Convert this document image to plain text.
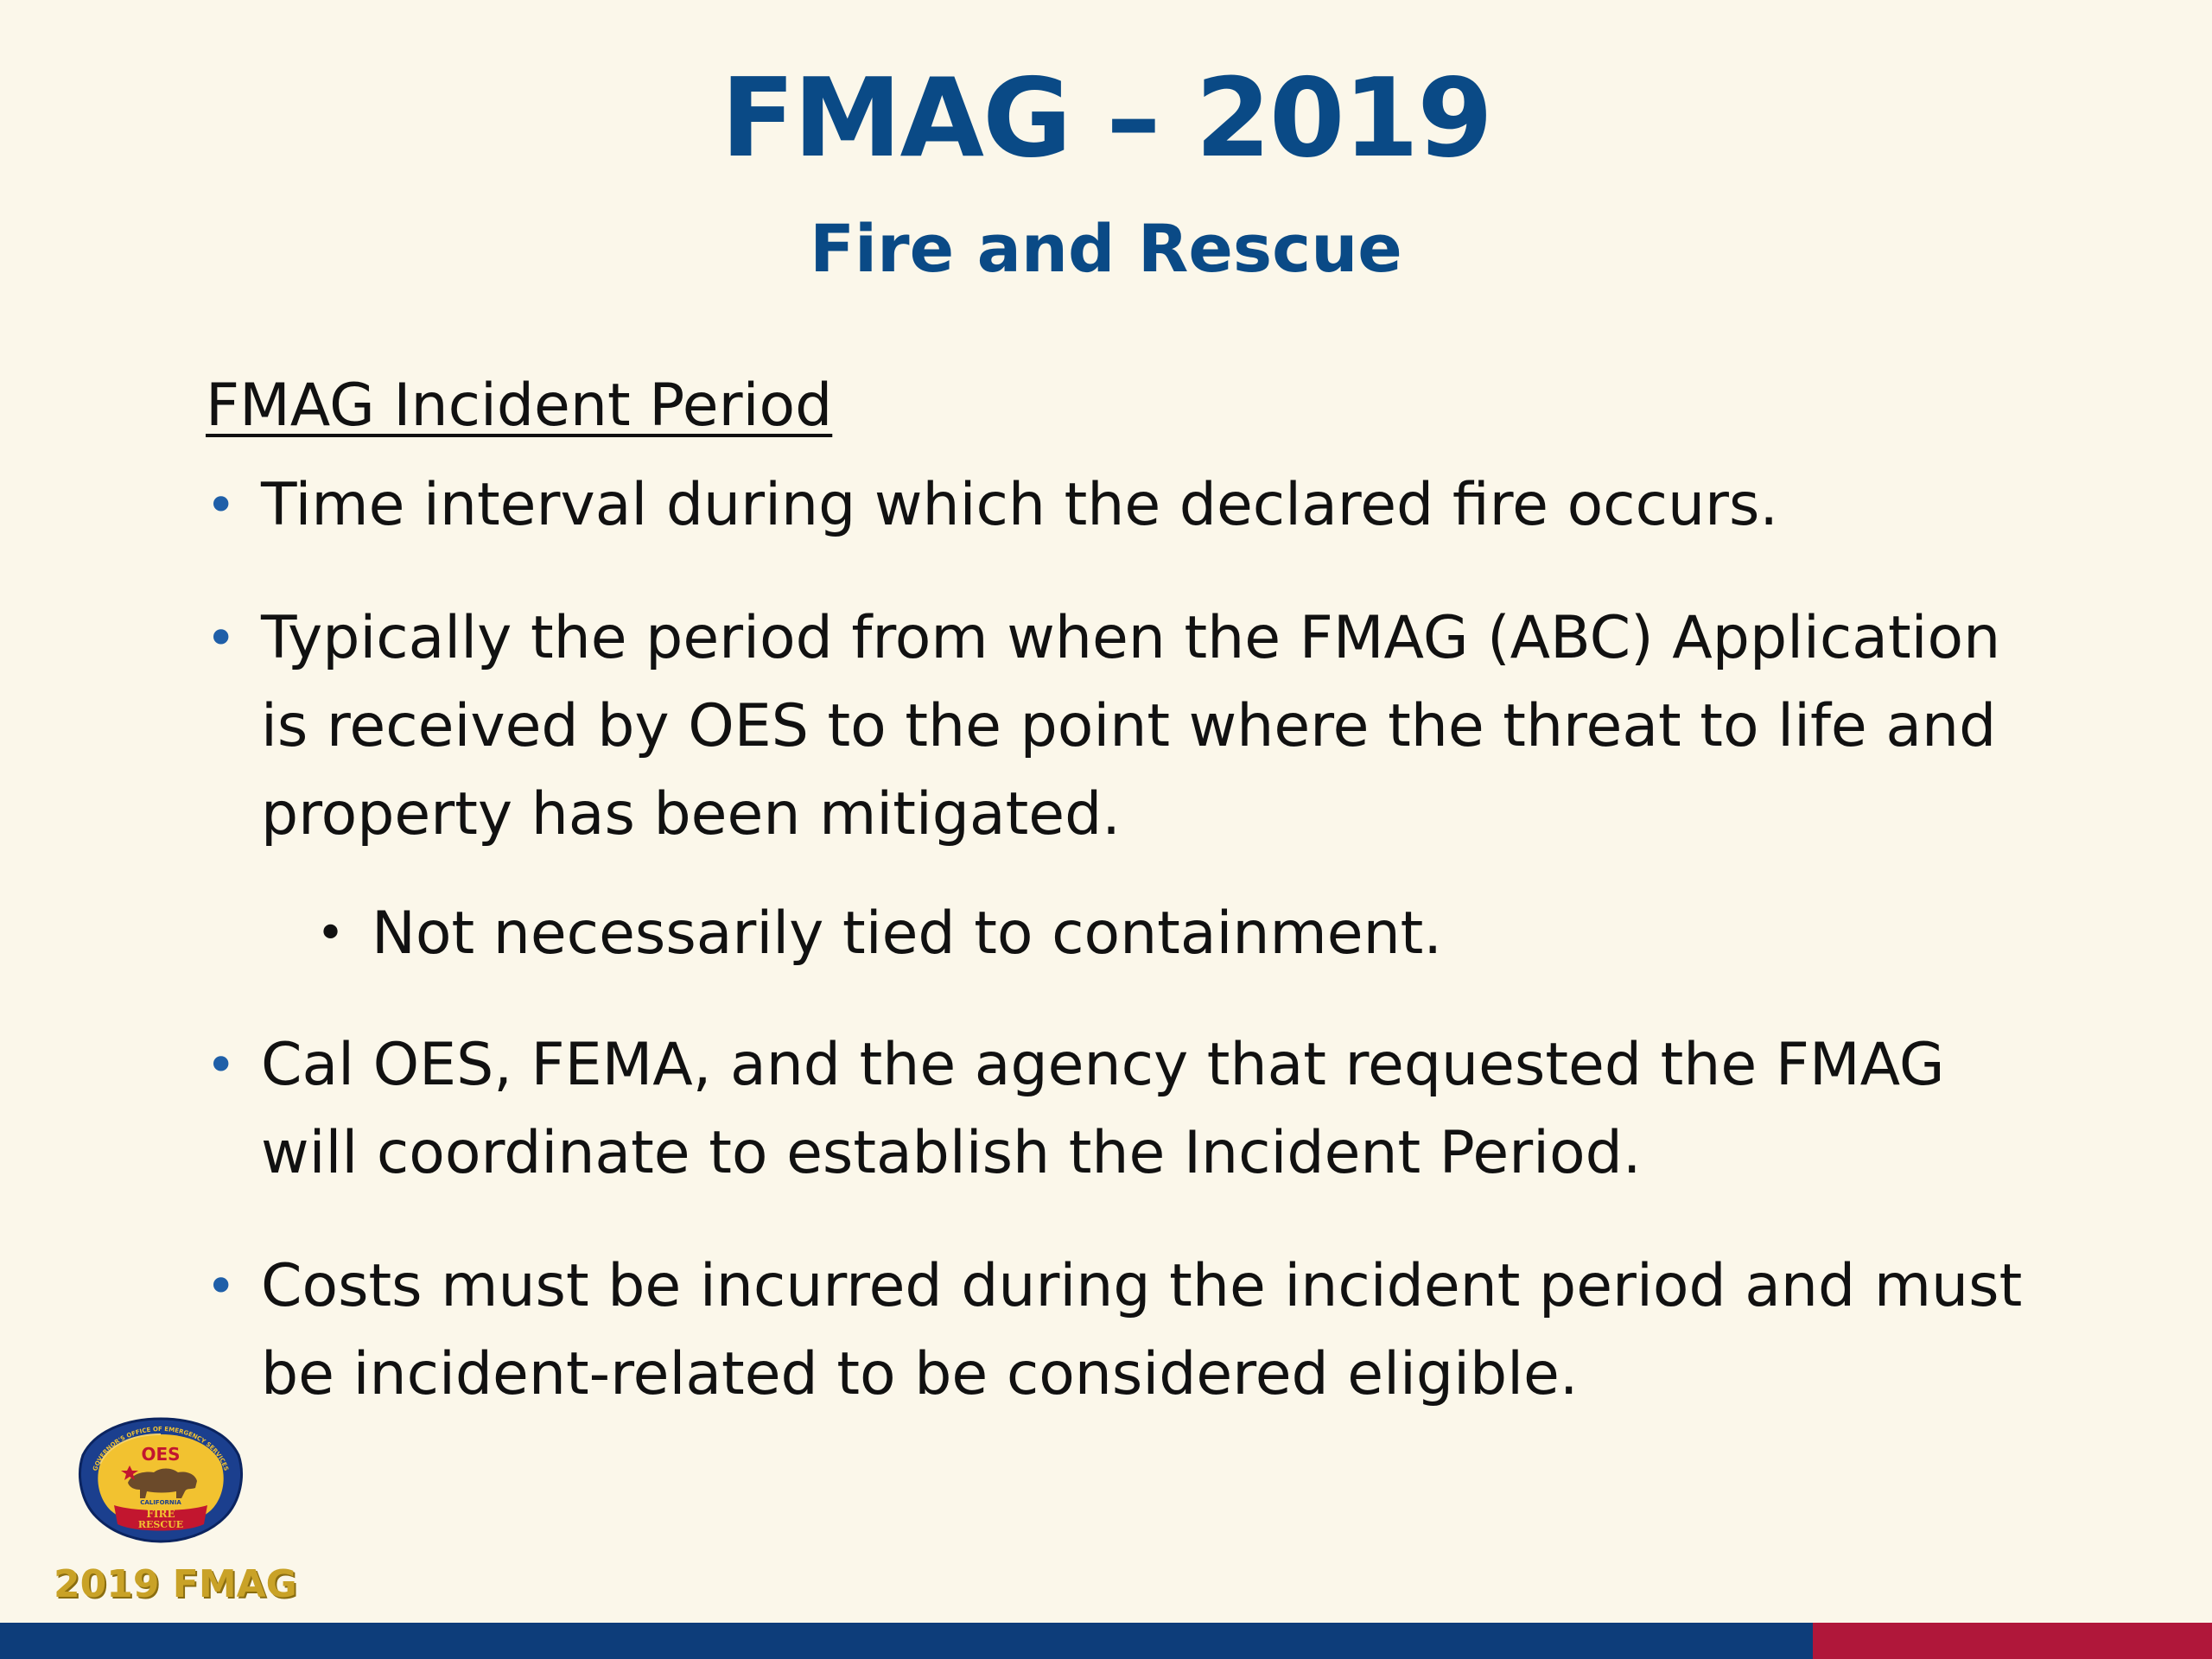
FMAG – 2019
Fire and Rescue
FMAG Incident Period
• Time interval during which the declared fire occurs.
• Typically the period from when the FMAG (ABC) Application is received by OES to the point where the threat to life and property has been mitigated.
• Not necessarily tied to containment.
• Cal OES, FEMA, and the agency that requested the FMAG will coordinate to establish the Incident Period.
• Costs must be incurred during the incident period and must be incident-related to be considered eligible.
OES
CALIFORNIA
FIRE
RESCUE
GOVERNOR'S OFFICE OF EMERGENCY SERVICES
2019 FMAG
